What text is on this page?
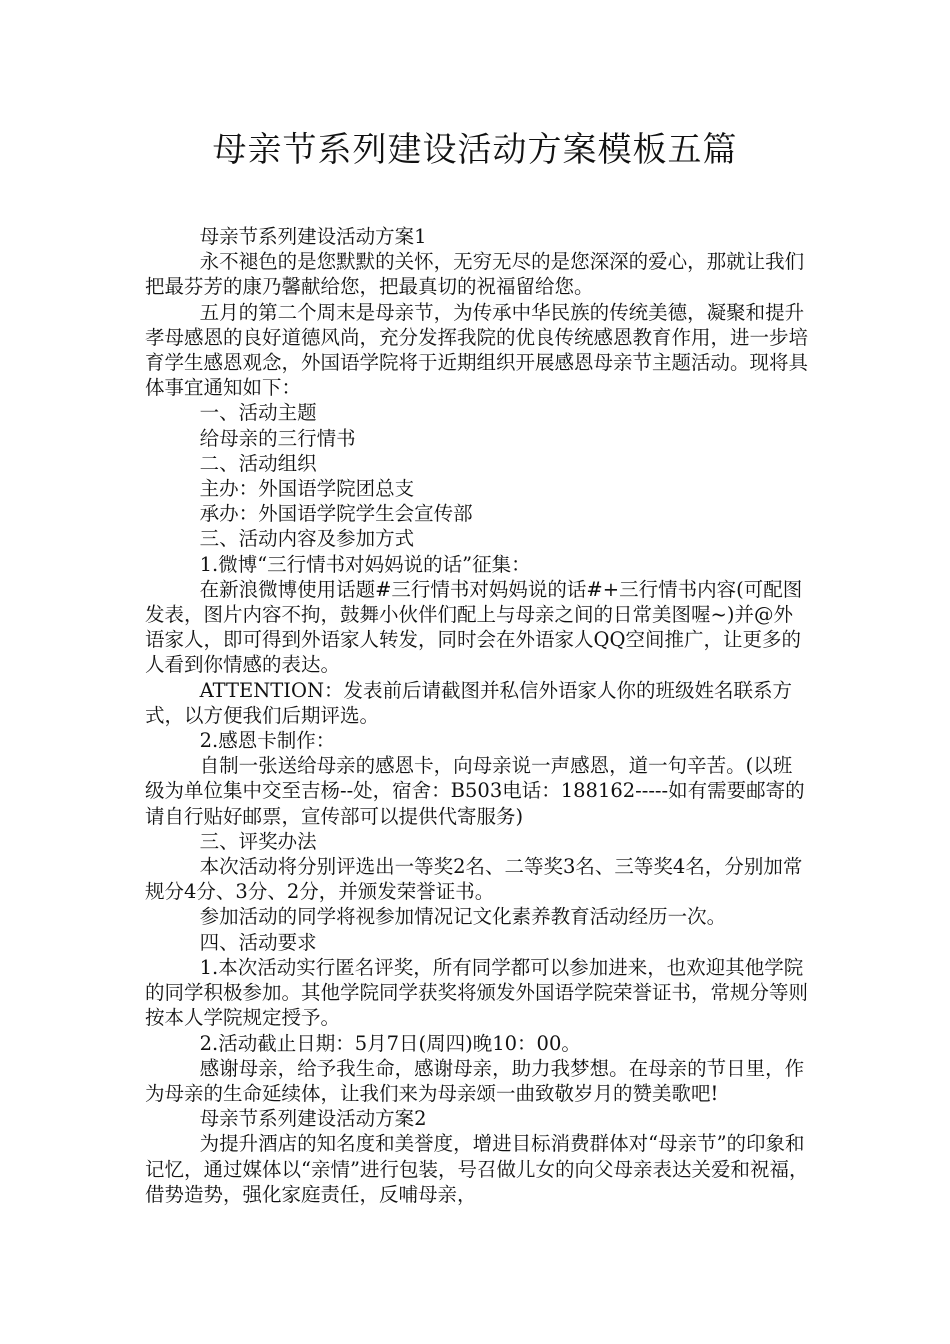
母亲节系列建设活动方案模板五篇

母亲节系列建设活动方案1

永不褪色的是您默默的关怀，无穷无尽的是您深深的爱心，那就让我们把最芬芳的康乃馨献给您，把最真切的祝福留给您。

五月的第二个周末是母亲节，为传承中华民族的传统美德，凝聚和提升孝母感恩的良好道德风尚，充分发挥我院的优良传统感恩教育作用，进一步培育学生感恩观念，外国语学院将于近期组织开展感恩母亲节主题活动。现将具体事宜通知如下：

一、活动主题

给母亲的三行情书

二、活动组织

主办：外国语学院团总支

承办：外国语学院学生会宣传部

三、活动内容及参加方式

1.微博“三行情书对妈妈说的话”征集：

在新浪微博使用话题#三行情书对妈妈说的话#+三行情书内容(可配图发表，图片内容不拘，鼓舞小伙伴们配上与母亲之间的日常美图喔~)并@外语家人，即可得到外语家人转发，同时会在外语家人QQ空间推广，让更多的人看到你情感的表达。

ATTENTION：发表前后请截图并私信外语家人你的班级姓名联系方式，以方便我们后期评选。

2.感恩卡制作：

自制一张送给母亲的感恩卡，向母亲说一声感恩，道一句辛苦。(以班级为单位集中交至吉杨--处，宿舍：B503电话：188162-----如有需要邮寄的请自行贴好邮票，宣传部可以提供代寄服务)

三、评奖办法

本次活动将分别评选出一等奖2名、二等奖3名、三等奖4名，分别加常规分4分、3分、2分，并颁发荣誉证书。

参加活动的同学将视参加情况记文化素养教育活动经历一次。

四、活动要求

1.本次活动实行匿名评奖，所有同学都可以参加进来，也欢迎其他学院的同学积极参加。其他学院同学获奖将颁发外国语学院荣誉证书，常规分等则按本人学院规定授予。

2.活动截止日期：5月7日(周四)晚10：00。

感谢母亲，给予我生命，感谢母亲，助力我梦想。在母亲的节日里，作为母亲的生命延续体，让我们来为母亲颂一曲致敬岁月的赞美歌吧!

母亲节系列建设活动方案2

为提升酒店的知名度和美誉度，增进目标消费群体对“母亲节”的印象和记忆，通过媒体以“亲情”进行包装，号召做儿女的向父母亲表达关爱和祝福，借势造势，强化家庭责任，反哺母亲，
